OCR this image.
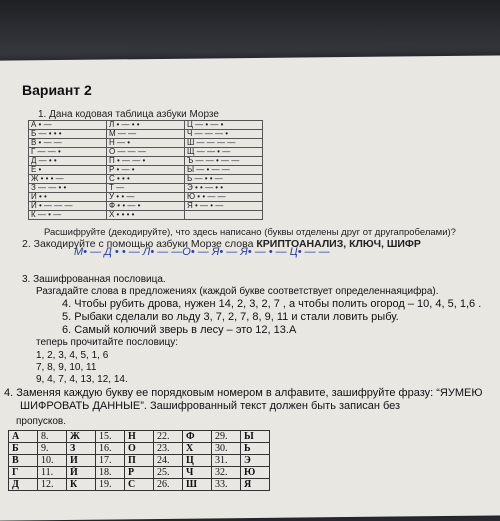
Вариант 2
1. Дана кодовая таблица азбуки Морзе
А • —	Л • — • •	Ц — • — •
Б — • • •	М — —	Ч — — — •
В • — —	Н — •	Ш — — — —
Г — — •	О — — —	Щ — — • —
Д — • •	П • — — •	Ъ — — • — —
Е •	Р • — •	Ы — • — —
Ж • • • —	С • • •	Ь — • • —
З — — • •	Т —	Э • • — • •
И • •	У • • —	Ю • • — —
Й • — — —	Ф • • — •	Я • — • —
К — • —	Х • • • •	
Расшифруйте (декодируйте), что здесь написано (буквы отделены друг от другапробелами)?
2. Закодируйте с помощью азбуки Морзе слова КРИПТОАНАЛИЗ, КЛЮЧ, ШИФР
М• — Д • • — Л• — —О• — Я• — Я• — • — Ц• — —
3. Зашифрованная пословица.
Разгадайте слова в предложениях (каждой букве соответствует определеннаяцифра).
4. Чтобы рубить дрова, нужен 14, 2, 3, 2, 7 , а чтобы полить огород – 10, 4, 5, 1,6 .
5. Рыбаки сделали во льду 3, 7, 2, 7, 8, 9, 11 и стали ловить рыбу.
6. Самый колючий зверь в лесу – это 12, 13.А
теперь прочитайте пословицу:
1, 2, 3, 4, 5, 1, 6
7, 8, 9, 10, 11
9, 4, 7, 4, 13, 12, 14.
4. Заменяя каждую букву ее порядковым номером в алфавите, зашифруйте фразу: “ЯУМЕЮ
ШИФРОВАТЬ ДАННЫЕ”. Зашифрованный текст должен быть записан без
пропусков.
А	8.	Ж	15.	Н	22.	Ф	29.	Ы
Б	9.	З	16.	О	23.	Х	30.	Ь
В	10.	И	17.	П	24.	Ц	31.	Э
Г	11.	Й	18.	Р	25.	Ч	32.	Ю
Д	12.	К	19.	С	26.	Ш	33.	Я
